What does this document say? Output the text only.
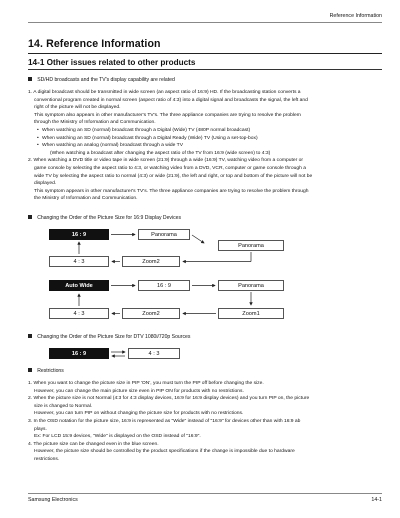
Reference Information
14. Reference Information
14-1 Other issues related to other products
SD/HD broadcasts and the TV's display capability are related

1. A digital broadcast should be transmitted in wide screen (an aspect ratio of 16:9) HD. If the broadcasting station converts a

conventional program created in normal screen (aspect ratio of 4:3) into a digital signal and broadcasts the signal, the left and

right of the picture will not be displayed.

This symptom also appears in other manufacturer's TV's. The three appliance companies are trying to resolve the problem

through the Ministry of Information and Communication.

• When watching an SD (normal) broadcast through a Digital (Wide) TV (480P normal broadcast)

• When watching an SD (normal) broadcast through a Digital Ready (Wide) TV (Using a set-top-box)

• When watching an analog (normal) broadcast through a wide TV

(When watching a broadcast after changing the aspect ratio of the TV from 16:9 (wide screen) to 4:3)

2. When watching a DVD title or video tape in wide screen (21:9) through a wide (16:9) TV, watching video from a computer or

game console by selecting the aspect ratio to 4:3, or watching video from a DVD, VCR, computer or game console through a

wide TV by selecting the aspect ratio to normal (4:3) or wide (21:9), the left and right, or top and bottom of the picture will not be

displayed.

This symptom appears in other manufacturer's TV's. The three appliance companies are trying to resolve the problem through

the Ministry of Information and Communication.

Changing the Order of the Picture Size for 16:9 Display Devices
16 : 9	Panorama
Panorama
4 : 3	Zoom2
Auto Wide	16 : 9	Panorama
4 : 3	Zoom2	Zoom1
Changing the Order of the Picture Size for DTV 1080i/720p Sources
16 : 9	4 : 3
Restrictions

1. When you want to change the picture size in PIP 'ON', you must turn the PIP off before changing the size.

However, you can change the main picture size even in PIP ON for products with no restrictions.

2. When the picture size is not Normal (4:3 for 4:3 display devices, 16:9 for 16:9 display devices) and you turn PIP on, the picture

size is changed to Normal.

However, you can turn PIP on without changing the picture size for products with no restrictions.

3. In the OSD notation for the picture size, 16:9 is represented as "Wide" instead of "16:9" for devices other than with 16:9 ab

plays.

Ex: For LCD 15:9 devices, "Wide" is displayed on the OSD instead of "16:9".

4. The picture size can be changed even in the blue screen.

However, the picture size should be controlled by the product specifications if the change is impossible due to hardware

restrictions.

Samsung Electronics	14-1
